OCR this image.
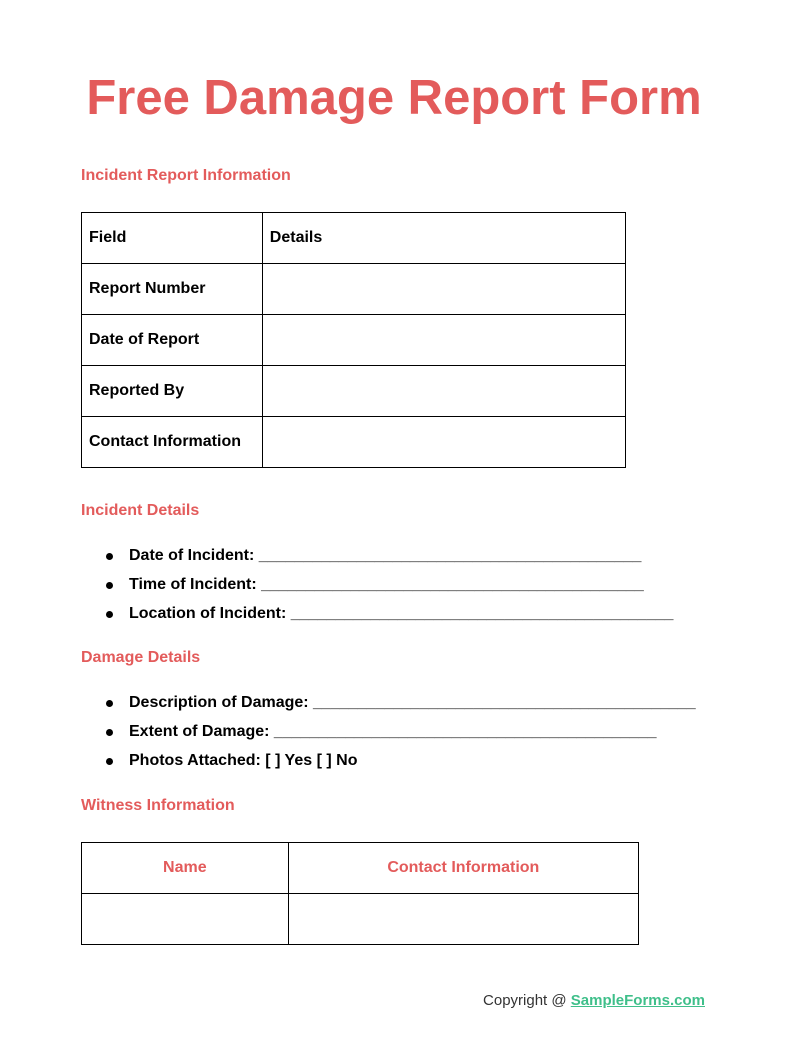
Free Damage Report Form
Incident Report Information
Field	Details
Report Number	
Date of Report	
Reported By	
Contact Information	
Incident Details
Date of Incident: ___________________________________________
Time of Incident: ___________________________________________
Location of Incident: ___________________________________________
Damage Details
Description of Damage: ___________________________________________
Extent of Damage: ___________________________________________
Photos Attached: [ ] Yes [ ] No
Witness Information
Name	Contact Information

Copyright @ SampleForms.com
